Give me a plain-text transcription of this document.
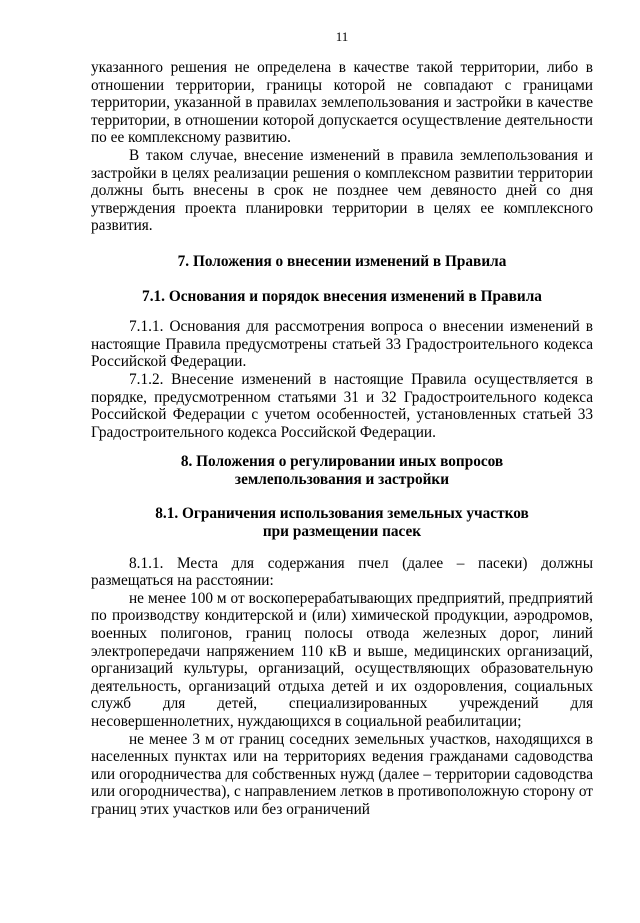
11

указанного решения не определена в качестве такой территории, либо в отношении территории, границы которой не совпадают с границами территории, указанной в правилах землепользования и застройки в качестве территории, в отношении которой допускается осуществление деятельности по ее комплексному развитию.

В таком случае, внесение изменений в правила землепользования и застройки в целях реализации решения о комплексном развитии территории должны быть внесены в срок не позднее чем девяносто дней со дня утверждения проекта планировки территории в целях ее комплексного развития.

7. Положения о внесении изменений в Правила
7.1. Основания и порядок внесения изменений в Правила

7.1.1. Основания для рассмотрения вопроса о внесении изменений в настоящие Правила предусмотрены статьей 33 Градостроительного кодекса Российской Федерации.

7.1.2. Внесение изменений в настоящие Правила осуществляется в порядке, предусмотренном статьями 31 и 32 Градостроительного кодекса Российской Федерации с учетом особенностей, установленных статьей 33 Градостроительного кодекса Российской Федерации.

8. Положения о регулировании иных вопросов
землепользования и застройки
8.1. Ограничения использования земельных участков
при размещении пасек

8.1.1. Места для содержания пчел (далее – пасеки) должны размещаться на расстоянии:

не менее 100 м от воскоперерабатывающих предприятий, предприятий по производству кондитерской и (или) химической продукции, аэродромов, военных полигонов, границ полосы отвода железных дорог, линий электропередачи напряжением 110 кВ и выше, медицинских организаций, организаций культуры, организаций, осуществляющих образовательную деятельность, организаций отдыха детей и их оздоровления, социальных служб для детей, специализированных учреждений для несовершеннолетних, нуждающихся в социальной реабилитации;

не менее 3 м от границ соседних земельных участков, находящихся в населенных пунктах или на территориях ведения гражданами садоводства или огородничества для собственных нужд (далее – территории садоводства или огородничества), с направлением летков в противоположную сторону от границ этих участков или без ограничений
